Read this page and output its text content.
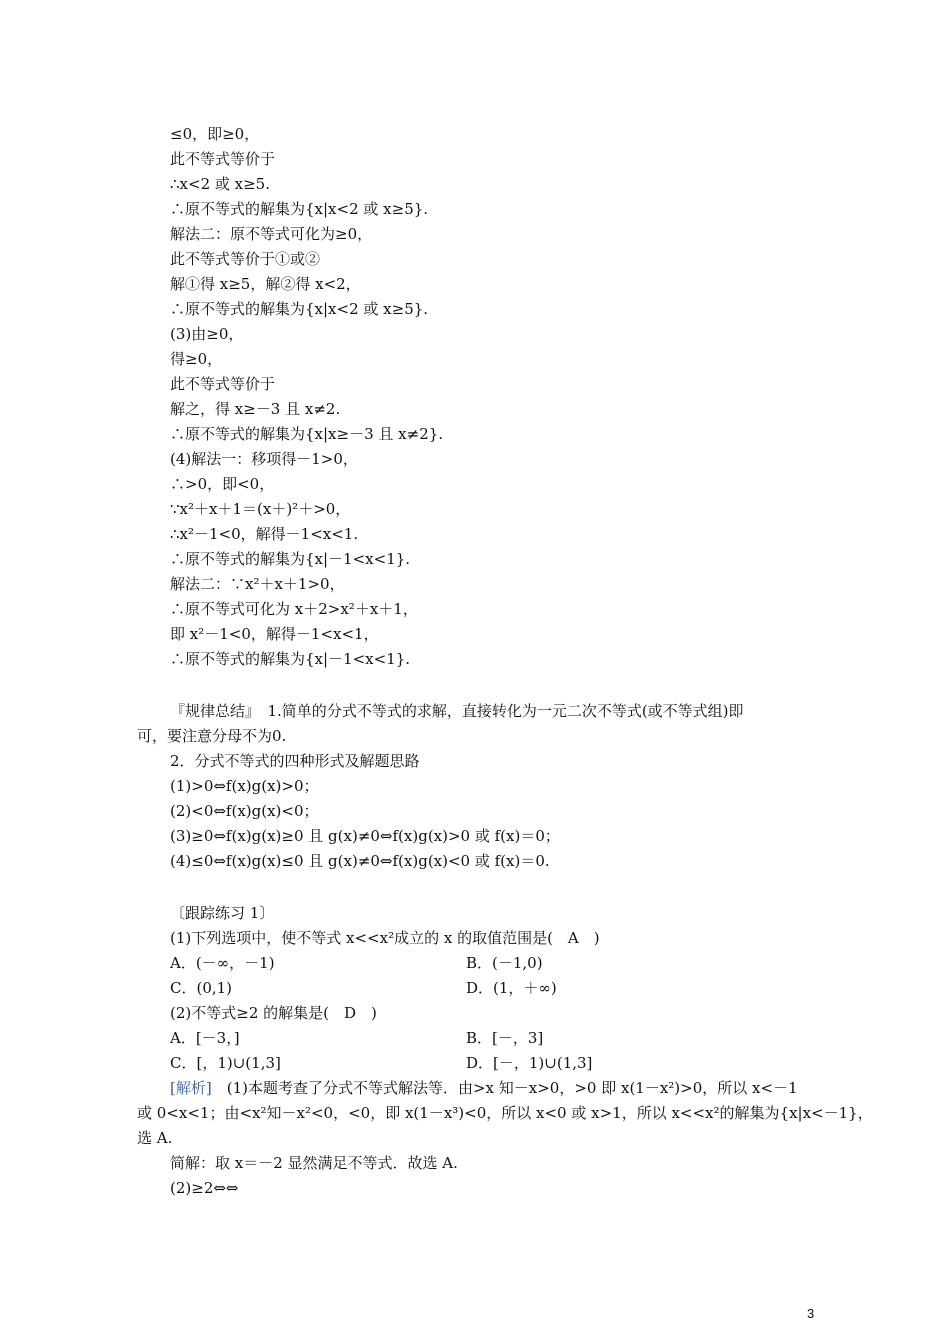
≤0，即≥0，
此不等式等价于
∴x<2 或 x≥5.
∴原不等式的解集为{x|x<2 或 x≥5}.
解法二：原不等式可化为≥0，
此不等式等价于①或②
解①得 x≥5，解②得 x<2，
∴原不等式的解集为{x|x<2 或 x≥5}.
(3)由≥0，
得≥0，
此不等式等价于
解之，得 x≥－3 且 x≠2.
∴原不等式的解集为{x|x≥－3 且 x≠2}.
(4)解法一：移项得－1>0，
∴>0，即<0，
∵x²＋x＋1＝(x＋)²＋>0，
∴x²－1<0，解得－1<x<1.
∴原不等式的解集为{x|－1<x<1}.
解法二：∵x²＋x＋1>0，
∴原不等式可化为 x＋2>x²＋x＋1，
即 x²－1<0，解得－1<x<1，
∴原不等式的解集为{x|－1<x<1}.
『规律总结』　1.简单的分式不等式的求解，直接转化为一元二次不等式(或不等式组)即
可，要注意分母不为0.
2．分式不等式的四种形式及解题思路
(1)>0⇔f(x)g(x)>0；
(2)<0⇔f(x)g(x)<0；
(3)≥0⇔f(x)g(x)≥0 且 g(x)≠0⇔f(x)g(x)>0 或 f(x)＝0；
(4)≤0⇔f(x)g(x)≤0 且 g(x)≠0⇔f(x)g(x)<0 或 f(x)＝0.
〔跟踪练习 1〕
(1)下列选项中，使不等式 x<<x²成立的 x 的取值范围是(　A　)
A．(－∞，－1)	B．(－1,0)
C．(0,1)	D．(1，＋∞)
(2)不等式≥2 的解集是(　D　)
A．[－3，]	B．[－，3]
C．[，1)∪(1,3]	D．[－，1)∪(1,3]
[解析]　(1)本题考查了分式不等式解法等．由>x 知－x>0，>0 即 x(1－x²)>0，所以 x<－1
或 0<x<1；由<x²知－x²<0，<0，即 x(1－x³)<0，所以 x<0 或 x>1，所以 x<<x²的解集为{x|x<－1}，
选 A.
简解：取 x＝－2 显然满足不等式．故选 A.
(2)≥2⇔⇔
3
